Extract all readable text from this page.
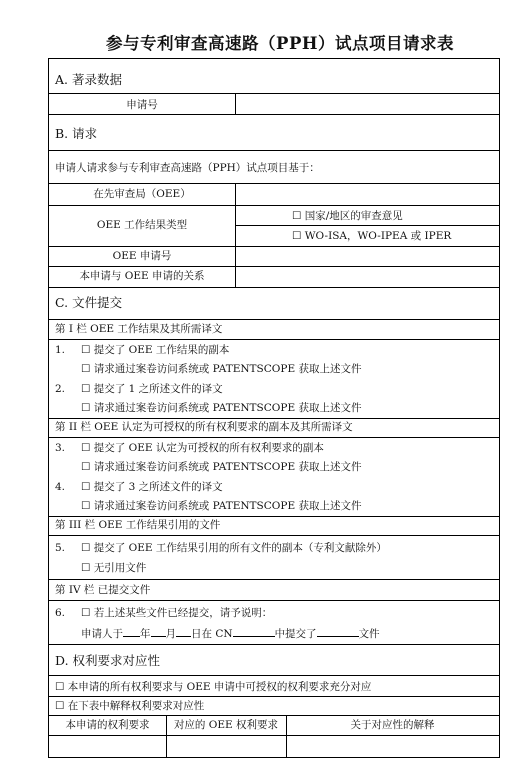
参与专利审查高速路（PPH）试点项目请求表
A. 著录数据
申请号
B. 请求
申请人请求参与专利审查高速路（PPH）试点项目基于：
在先审查局（OEE）
OEE 工作结果类型
☐ 国家/地区的审查意见
☐ WO-ISA，WO-IPEA 或 IPER
OEE 申请号
本申请与 OEE 申请的关系
C. 文件提交
第 I 栏 OEE 工作结果及其所需译文
1. ☐ 提交了 OEE 工作结果的副本
☐ 请求通过案卷访问系统或 PATENTSCOPE 获取上述文件
2. ☐ 提交了 1 之所述文件的译文
☐ 请求通过案卷访问系统或 PATENTSCOPE 获取上述文件
第 II 栏 OEE 认定为可授权的所有权利要求的副本及其所需译文
3. ☐ 提交了 OEE 认定为可授权的所有权利要求的副本
☐ 请求通过案卷访问系统或 PATENTSCOPE 获取上述文件
4. ☐ 提交了 3 之所述文件的译文
☐ 请求通过案卷访问系统或 PATENTSCOPE 获取上述文件
第 III 栏 OEE 工作结果引用的文件
5. ☐ 提交了 OEE 工作结果引用的所有文件的副本（专利文献除外）
☐ 无引用文件
第 IV 栏 已提交文件
6. ☐ 若上述某些文件已经提交，请予说明：
申请人于 年 月 日在 CN	中提交了	文件
D. 权利要求对应性
☐ 本申请的所有权利要求与 OEE 申请中可授权的权利要求充分对应
☐ 在下表中解释权利要求对应性
本申请的权利要求	对应的 OEE 权利要求	关于对应性的解释
